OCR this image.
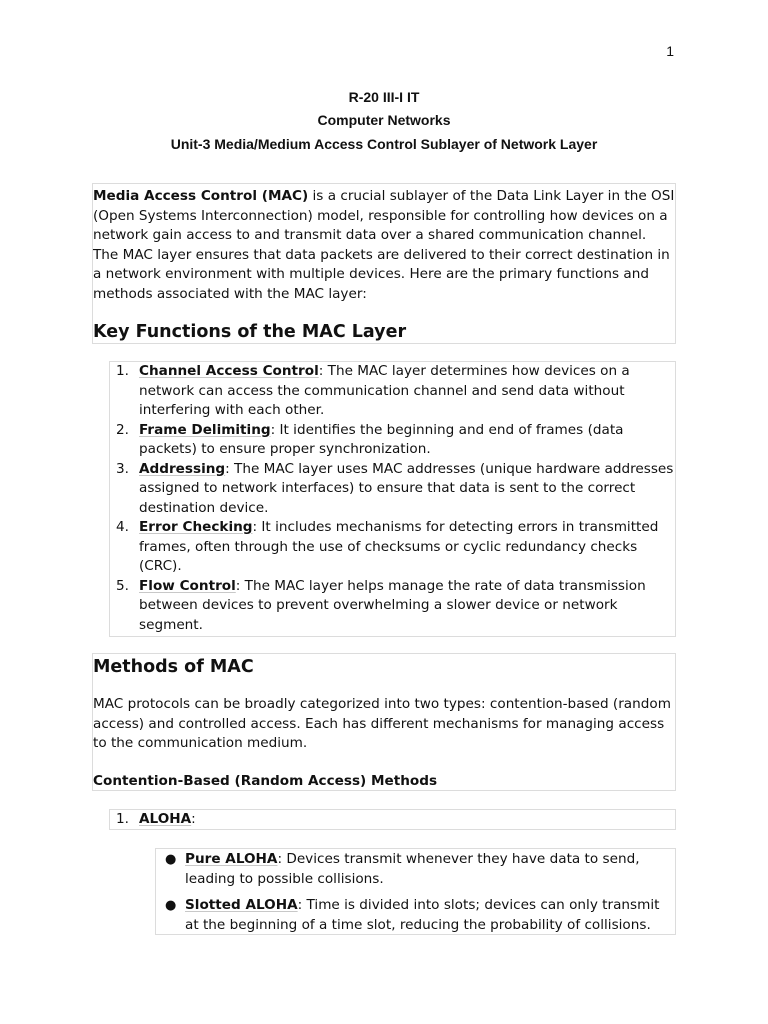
1
R-20 III-I IT
Computer Networks
Unit-3 Media/Medium Access Control Sublayer of Network Layer

Media Access Control (MAC) is a crucial sublayer of the Data Link Layer in the OSI (Open Systems Interconnection) model, responsible for controlling how devices on a network gain access to and transmit data over a shared communication channel. The MAC layer ensures that data packets are delivered to their correct destination in a network environment with multiple devices. Here are the primary functions and methods associated with the MAC layer:

Key Functions of the MAC Layer
1. Channel Access Control: The MAC layer determines how devices on a network can access the communication channel and send data without interfering with each other.
2. Frame Delimiting: It identifies the beginning and end of frames (data packets) to ensure proper synchronization.
3. Addressing: The MAC layer uses MAC addresses (unique hardware addresses assigned to network interfaces) to ensure that data is sent to the correct destination device.
4. Error Checking: It includes mechanisms for detecting errors in transmitted frames, often through the use of checksums or cyclic redundancy checks (CRC).
5. Flow Control: The MAC layer helps manage the rate of data transmission between devices to prevent overwhelming a slower device or network segment.
Methods of MAC

MAC protocols can be broadly categorized into two types: contention-based (random access) and controlled access. Each has different mechanisms for managing access to the communication medium.

Contention-Based (Random Access) Methods
1. ALOHA:
● Pure ALOHA: Devices transmit whenever they have data to send, leading to possible collisions.
● Slotted ALOHA: Time is divided into slots; devices can only transmit at the beginning of a time slot, reducing the probability of collisions.
